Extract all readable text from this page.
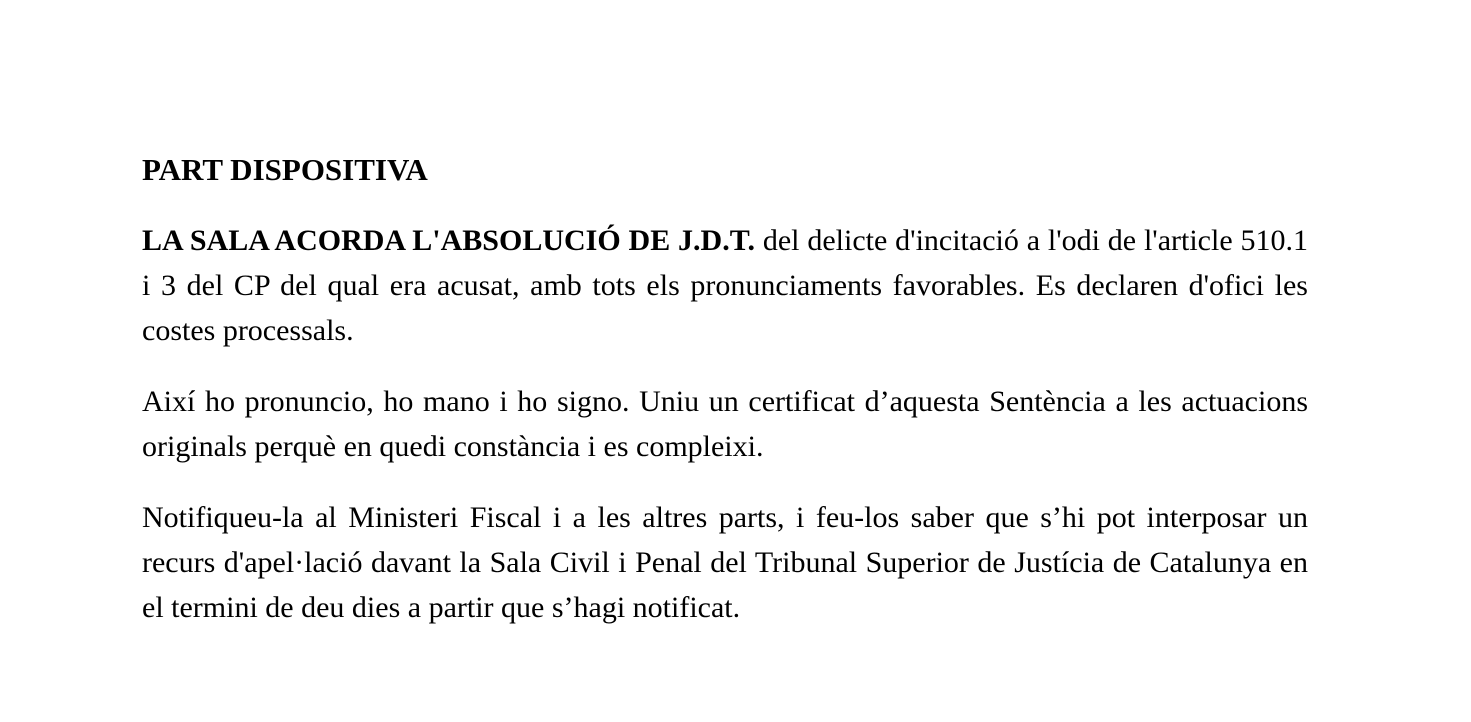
PART DISPOSITIVA

LA SALA ACORDA L'ABSOLUCIÓ DE J.D.T. del delicte d'incitació a l'odi de l'article 510.1 i 3 del CP del qual era acusat, amb tots els pronunciaments favorables. Es declaren d'ofici les costes processals.

Així ho pronuncio, ho mano i ho signo. Uniu un certificat d’aquesta Sentència a les actuacions originals perquè en quedi constància i es compleixi.

Notifiqueu-la al Ministeri Fiscal i a les altres parts, i feu-los saber que s’hi pot interposar un recurs d'apel·lació davant la Sala Civil i Penal del Tribunal Superior de Justícia de Catalunya en el termini de deu dies a partir que s’hagi notificat.
